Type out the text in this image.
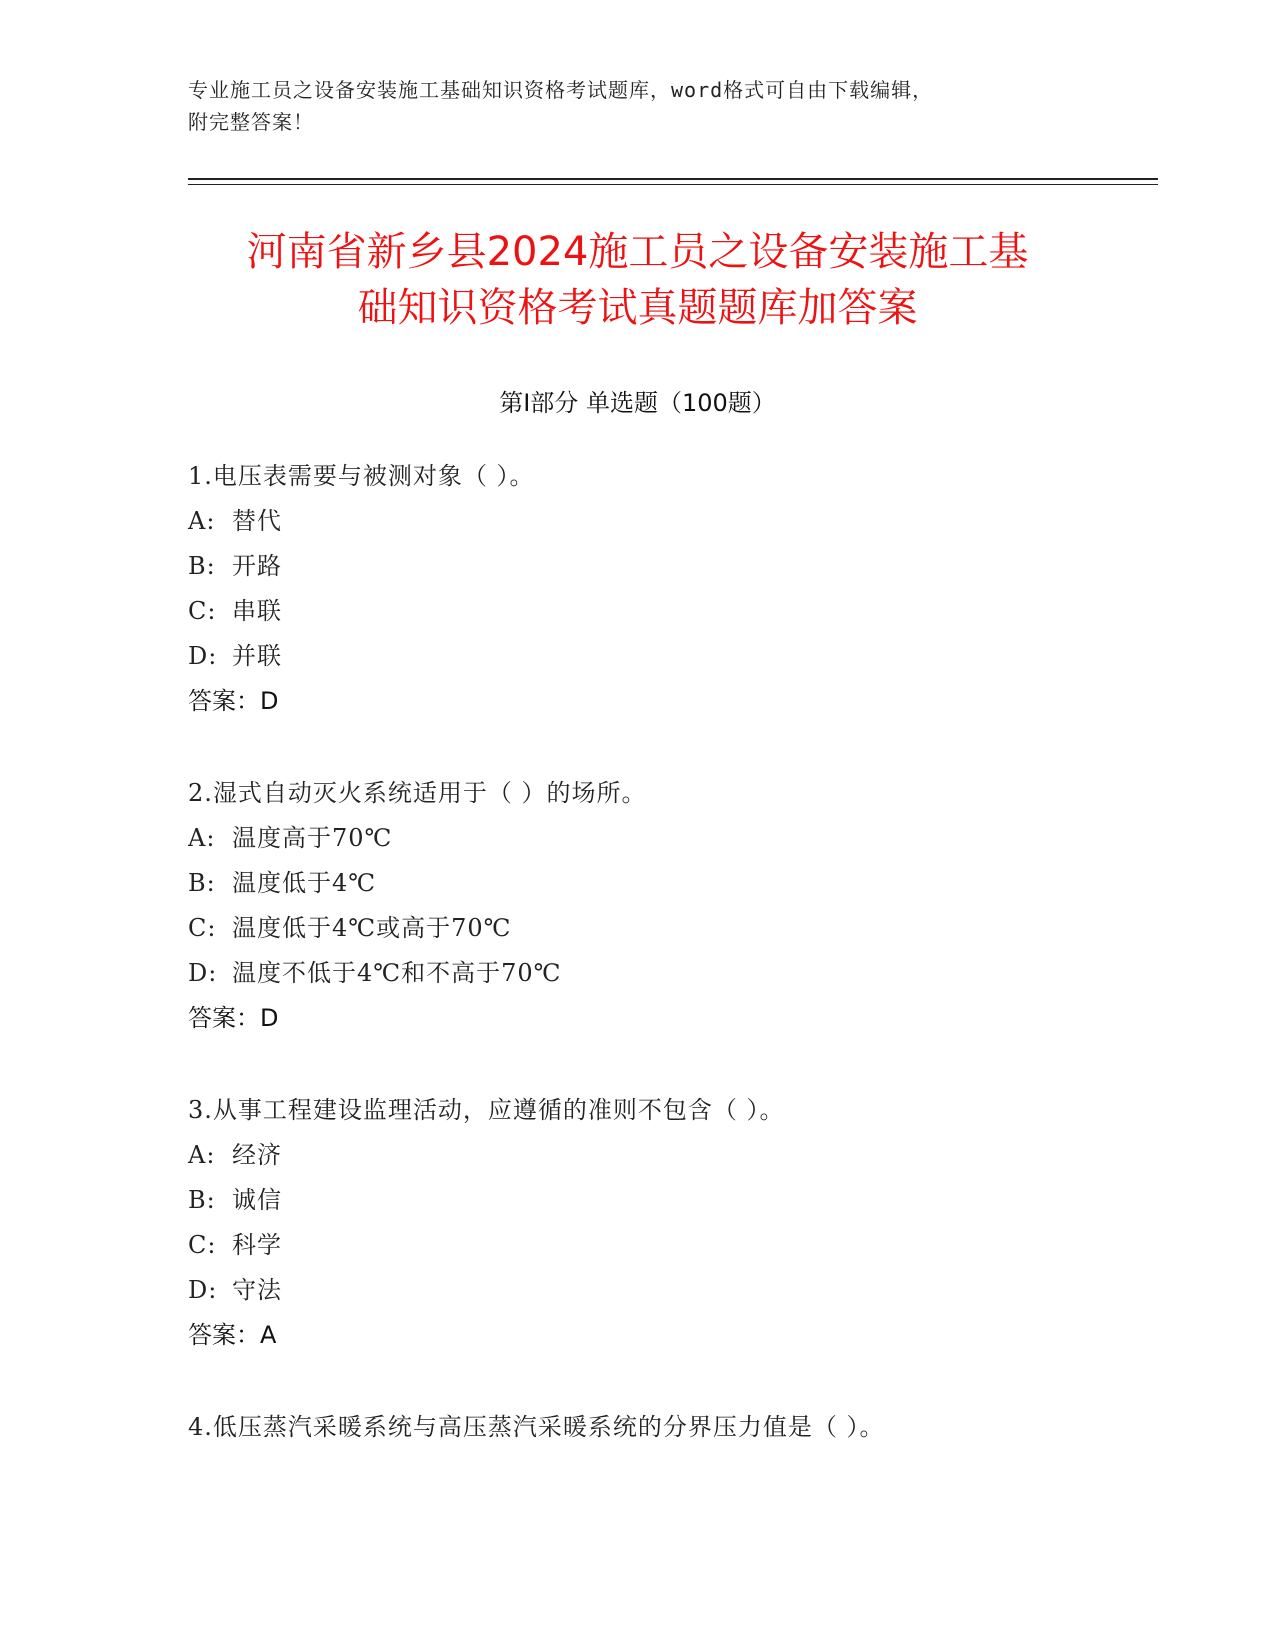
专业施工员之设备安装施工基础知识资格考试题库，word格式可自由下载编辑，
附完整答案！
河南省新乡县2024施工员之设备安装施工基
础知识资格考试真题题库加答案
第Ⅰ部分 单选题（100题）
1.电压表需要与被测对象（ ）。
A: 替代
B: 开路
C: 串联
D: 并联
答案：D
2.湿式自动灭火系统适用于（ ）的场所。
A: 温度高于70℃
B: 温度低于4℃
C: 温度低于4℃或高于70℃
D: 温度不低于4℃和不高于70℃
答案：D
3.从事工程建设监理活动，应遵循的准则不包含（ ）。
A: 经济
B: 诚信
C: 科学
D: 守法
答案：A
4.低压蒸汽采暖系统与高压蒸汽采暖系统的分界压力值是（ ）。
